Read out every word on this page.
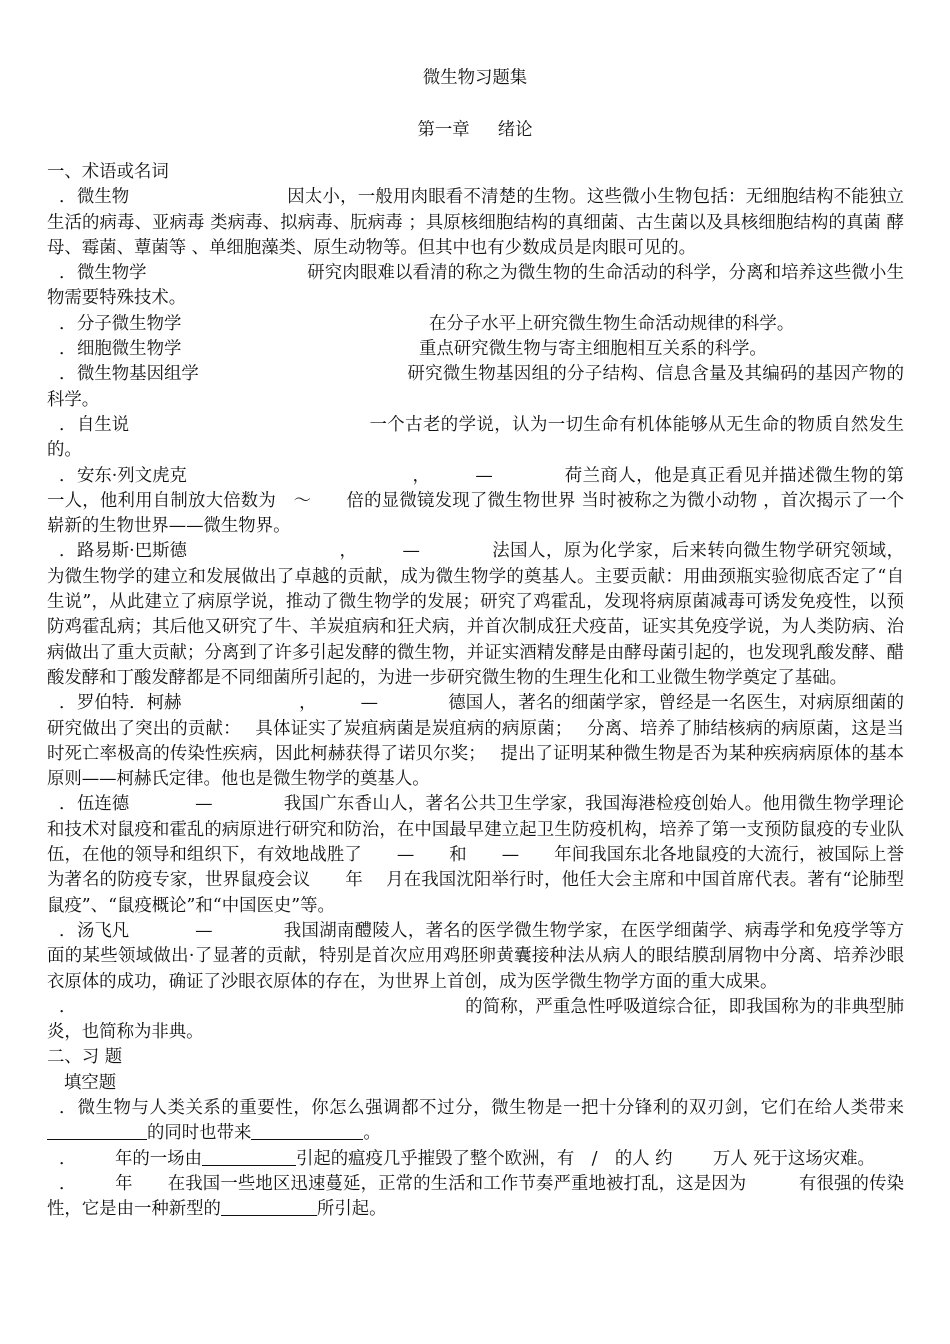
微生物习题集
第一章 绪论
一、术语或名词

．微生物	因太小，一般用肉眼看不清楚的生物。这些微小生物包括：无细胞结构不能独立生活的病毒、亚病毒 类病毒、拟病毒、朊病毒 ；具原核细胞结构的真细菌、古生菌以及具核细胞结构的真菌 酵母、霉菌、蕈菌等 、单细胞藻类、原生动物等。但其中也有少数成员是肉眼可见的。

．微生物学	研究肉眼难以看清的称之为微生物的生命活动的科学，分离和培养这些微小生物需要特殊技术。

．分子微生物学	在分子水平上研究微生物生命活动规律的科学。

．细胞微生物学	重点研究微生物与寄主细胞相互关系的科学。

．微生物基因组学	研究微生物基因组的分子结构、信息含量及其编码的基因产物的科学。

．自生说	一个古老的学说，认为一切生命有机体能够从无生命的物质自然发生的。

．安东·列文虎克	，　　　—　　　　荷兰商人，他是真正看见并描述微生物的第一人，他利用自制放大倍数为　～　　倍的显微镜发现了微生物世界 当时被称之为微小动物 ，首次揭示了一个崭新的生物世界——微生物界。

．路易斯·巴斯德	，　　　—　　　　法国人，原为化学家，后来转向微生物学研究领域，为微生物学的建立和发展做出了卓越的贡献，成为微生物学的奠基人。主要贡献：用曲颈瓶实验彻底否定了“自生说”，从此建立了病原学说，推动了微生物学的发展；研究了鸡霍乱，发现将病原菌减毒可诱发免疫性，以预防鸡霍乱病；其后他又研究了牛、羊炭疽病和狂犬病，并首次制成狂犬疫苗，证实其免疫学说，为人类防病、治病做出了重大贡献；分离到了许多引起发酵的微生物，并证实酒精发酵是由酵母菌引起的，也发现乳酸发酵、醋酸发酵和丁酸发酵都是不同细菌所引起的，为进一步研究微生物的生理生化和工业微生物学奠定了基础。

．罗伯特．柯赫	，　　　—　　　　德国人，著名的细菌学家，曾经是一名医生，对病原细菌的研究做出了突出的贡献：　 具体证实了炭疽病菌是炭疽病的病原菌；　 分离、培养了肺结核病的病原菌，这是当时死亡率极高的传染性疾病，因此柯赫获得了诺贝尔奖；　 提出了证明某种微生物是否为某种疾病病原体的基本原则——柯赫氏定律。他也是微生物学的奠基人。

．伍连德	　—　　　　我国广东香山人，著名公共卫生学家，我国海港检疫创始人。他用微生物学理论和技术对鼠疫和霍乱的病原进行研究和防治，在中国最早建立起卫生防疫机构，培养了第一支预防鼠疫的专业队伍，在他的领导和组织下，有效地战胜了　　—　　和　　—　　年间我国东北各地鼠疫的大流行，被国际上誉为著名的防疫专家，世界鼠疫会议　　年　 月在我国沈阳举行时，他任大会主席和中国首席代表。著有“论肺型鼠疫”、“鼠疫概论”和“中国医史”等。

．汤飞凡	　—　　　　我国湖南醴陵人，著名的医学微生物学家，在医学细菌学、病毒学和免疫学等方面的某些领域做出·了显著的贡献，特别是首次应用鸡胚卵黄囊接种法从病人的眼结膜刮屑物中分离、培养沙眼衣原体的成功，确证了沙眼衣原体的存在，为世界上首创，成为医学微生物学方面的重大成果。

．	的简称，严重急性呼吸道综合征，即我国称为的非典型肺炎，也简称为非典。

二、习 题

填空题

．微生物与人类关系的重要性，你怎么强调都不过分，微生物是一把十分锋利的双刃剑，它们在给人类带来的同时也带来	。

． 年的一场由	引起的瘟疫几乎摧毁了整个欧洲，有　/　的人 约　　 万人 死于这场灾难。

． 年　　在我国一些地区迅速蔓延，正常的生活和工作节奏严重地被打乱，这是因为　　　有很强的传染性，它是由一种新型的	所引起。
